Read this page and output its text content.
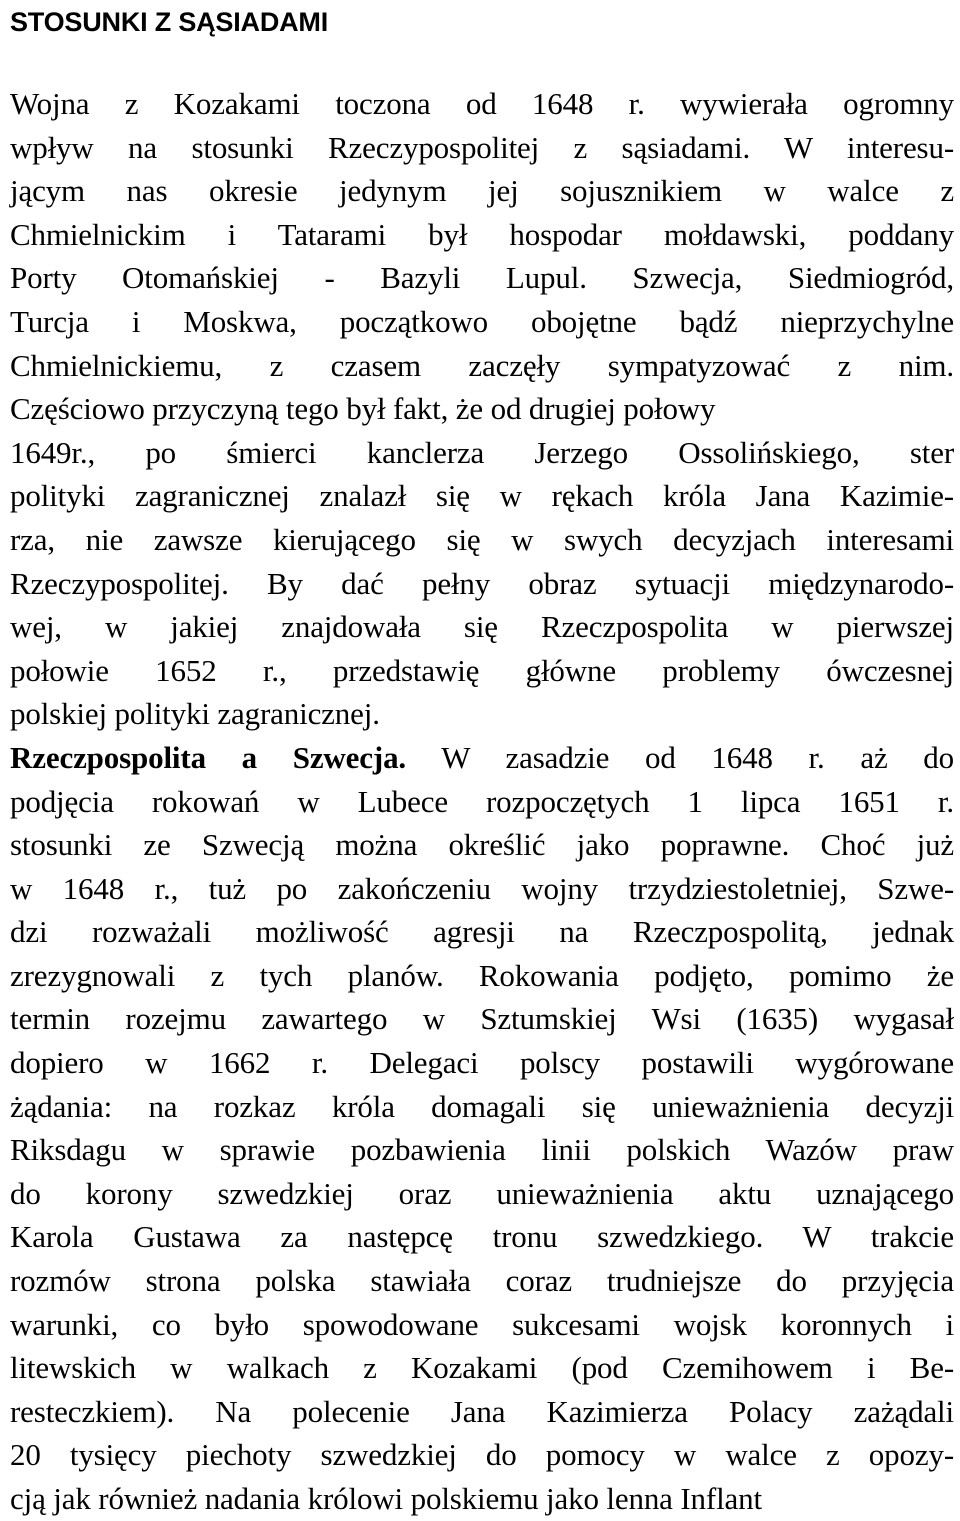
STOSUNKI Z SĄSIADAMI
Wojna z Kozakami toczona od 1648 r. wywierała ogromny
wpływ na stosunki Rzeczypospolitej z sąsiadami. W interesu-
jącym nas okresie jedynym jej sojusznikiem w walce z
Chmielnickim i Tatarami był hospodar mołdawski, poddany
Porty Otomańskiej - Bazyli Lupul. Szwecja, Siedmiogród,
Turcja i Moskwa, początkowo obojętne bądź nieprzychylne
Chmielnickiemu, z czasem zaczęły sympatyzować z nim.
Częściowo przyczyną tego był fakt, że od drugiej połowy
1649r., po śmierci kanclerza Jerzego Ossolińskiego, ster
polityki zagranicznej znalazł się w rękach króla Jana Kazimie-
rza, nie zawsze kierującego się w swych decyzjach interesami
Rzeczypospolitej. By dać pełny obraz sytuacji międzynarodo-
wej, w jakiej znajdowała się Rzeczpospolita w pierwszej
połowie 1652 r., przedstawię główne problemy ówczesnej
polskiej polityki zagranicznej.
Rzeczpospolita a Szwecja. W zasadzie od 1648 r. aż do
podjęcia rokowań w Lubece rozpoczętych 1 lipca 1651 r.
stosunki ze Szwecją można określić jako poprawne. Choć już
w 1648 r., tuż po zakończeniu wojny trzydziestoletniej, Szwe-
dzi rozważali możliwość agresji na Rzeczpospolitą, jednak
zrezygnowali z tych planów. Rokowania podjęto, pomimo że
termin rozejmu zawartego w Sztumskiej Wsi (1635) wygasał
dopiero w 1662 r. Delegaci polscy postawili wygórowane
żądania: na rozkaz króla domagali się unieważnienia decyzji
Riksdagu w sprawie pozbawienia linii polskich Wazów praw
do korony szwedzkiej oraz unieważnienia aktu uznającego
Karola Gustawa za następcę tronu szwedzkiego. W trakcie
rozmów strona polska stawiała coraz trudniejsze do przyjęcia
warunki, co było spowodowane sukcesami wojsk koronnych i
litewskich w walkach z Kozakami (pod Czemihowem i Be-
resteczkiem). Na polecenie Jana Kazimierza Polacy zażądali
20 tysięcy piechoty szwedzkiej do pomocy w walce z opozy-
cją jak również nadania królowi polskiemu jako lenna Inflant
